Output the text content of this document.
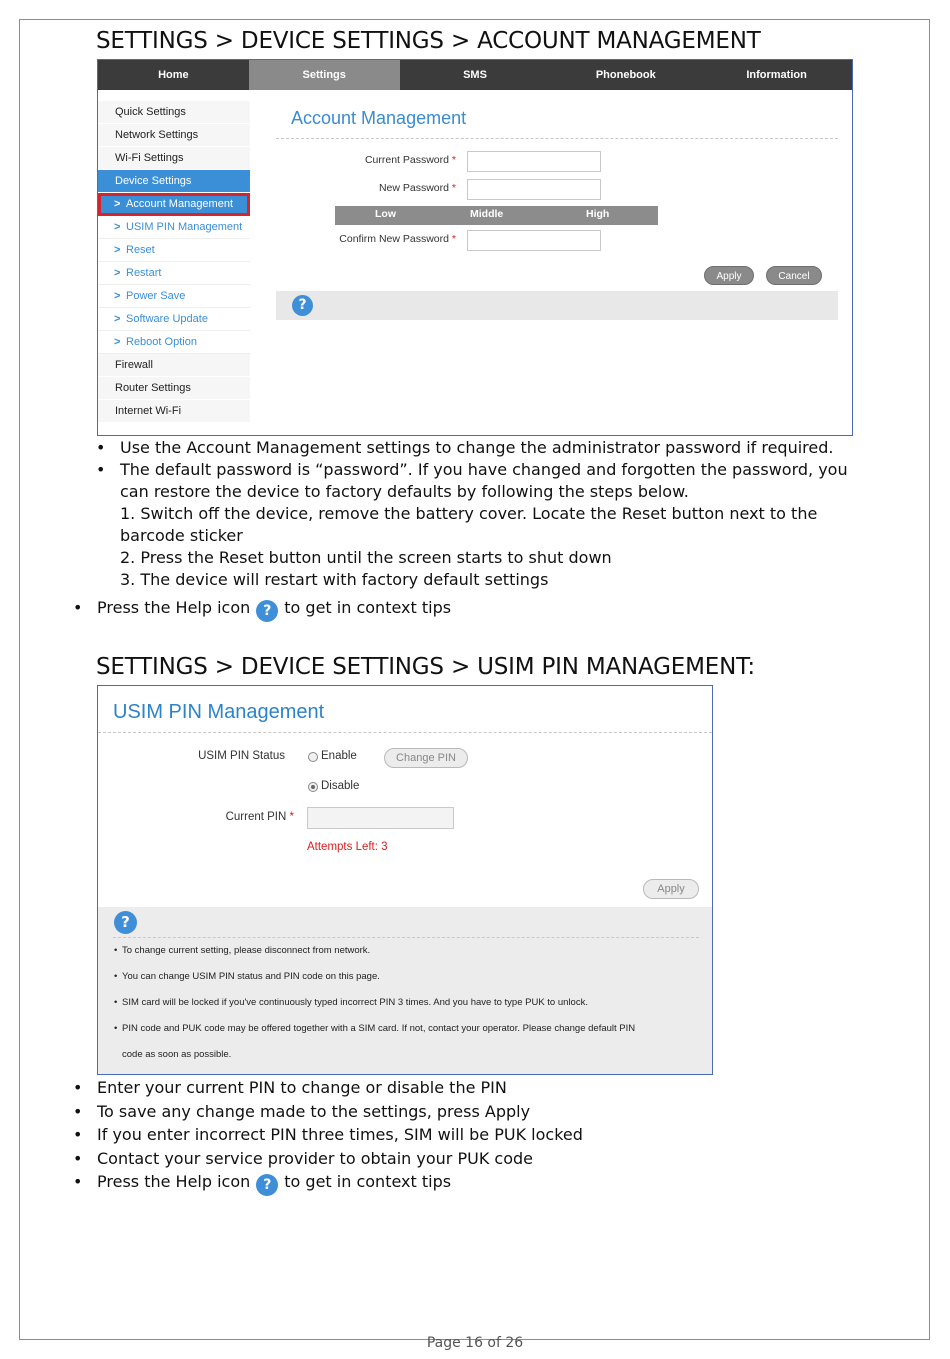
SETTINGS > DEVICE SETTINGS > ACCOUNT MANAGEMENT
Home	Settings	SMS	Phonebook	Information
Quick Settings
Network Settings
Wi-Fi Settings
Device Settings
> Account Management
> USIM PIN Management
> Reset
> Restart
> Power Save
> Software Update
> Reboot Option
Firewall
Router Settings
Internet Wi-Fi
Account Management
Current Password *
New Password *
Low	Middle	High
Confirm New Password *
Apply	Cancel
?
• Use the Account Management settings to change the administrator password if required.
• The default password is “password”. If you have changed and forgotten the password, you can restore the device to factory defaults by following the steps below.
1. Switch off the device, remove the battery cover. Locate the Reset button next to the barcode sticker
2. Press the Reset button until the screen starts to shut down
3. The device will restart with factory default settings
• Press the Help icon ? to get in context tips
SETTINGS > DEVICE SETTINGS > USIM PIN MANAGEMENT:
USIM PIN Management
USIM PIN Status	Enable	Change PIN
Disable
Current PIN *
Attempts Left: 3
Apply
?
• To change current setting, please disconnect from network.
• You can change USIM PIN status and PIN code on this page.
• SIM card will be locked if you've continuously typed incorrect PIN 3 times. And you have to type PUK to unlock.
• PIN code and PUK code may be offered together with a SIM card. If not, contact your operator. Please change default PIN
code as soon as possible.
• Enter your current PIN to change or disable the PIN
• To save any change made to the settings, press Apply
• If you enter incorrect PIN three times, SIM will be PUK locked
• Contact your service provider to obtain your PUK code
• Press the Help icon ? to get in context tips
Page 16 of 26
